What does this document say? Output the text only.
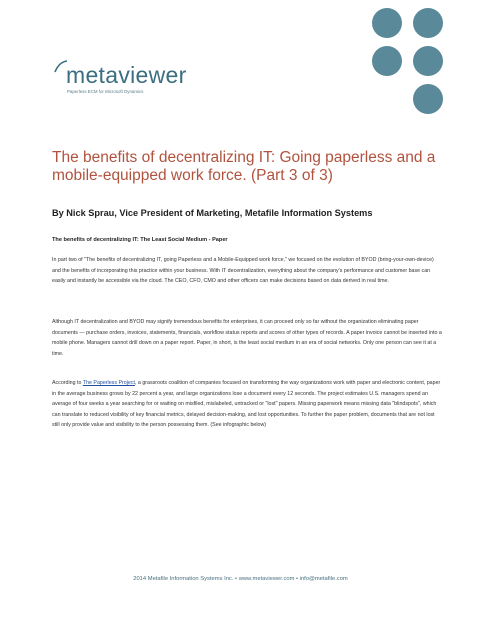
metaviewer
Paperless ECM for Microsoft Dynamics
The benefits of decentralizing IT: Going paperless and a mobile-equipped work force. (Part 3 of 3)
By Nick Sprau, Vice President of Marketing, Metafile Information Systems
The benefits of decentralizing IT: The Least Social Medium - Paper

In part two of "The benefits of decentralizing IT, going Paperless and a Mobile-Equipped work force," we focused on the evolution of BYOD (bring-your-own-device) and the benefits of incorporating this practice within your business. With IT decentralization, everything about the company's performance and customer base can easily and instantly be accessible via the cloud. The CEO, CFO, CMO and other officers can make decisions based on data derived in real time.

Although IT decentralization and BYOD may signify tremendous benefits for enterprises, it can proceed only so far without the organization eliminating paper documents — purchase orders, invoices, statements, financials, workflow status reports and scores of other types of records. A paper invoice cannot be inserted into a mobile phone. Managers cannot drill down on a paper report. Paper, in short, is the least social medium in an era of social networks. Only one person can see it at a time.

According to The Paperless Project, a grassroots coalition of companies focused on transforming the way organizations work with paper and electronic content, paper in the average business grows by 22 percent a year, and large organizations lose a document every 12 seconds. The project estimates U.S. managers spend an average of four weeks a year searching for or waiting on misfiled, mislabeled, untracked or "lost" papers. Missing paperwork means missing data "blindspots", which can translate to reduced visibility of key financial metrics, delayed decision-making, and lost opportunities. To further the paper problem, documents that are not lost still only provide value and visibility to the person possessing them. (See infographic below)

2014 Metafile Information Systems Inc. • www.metaviewer.com • info@metafile.com
